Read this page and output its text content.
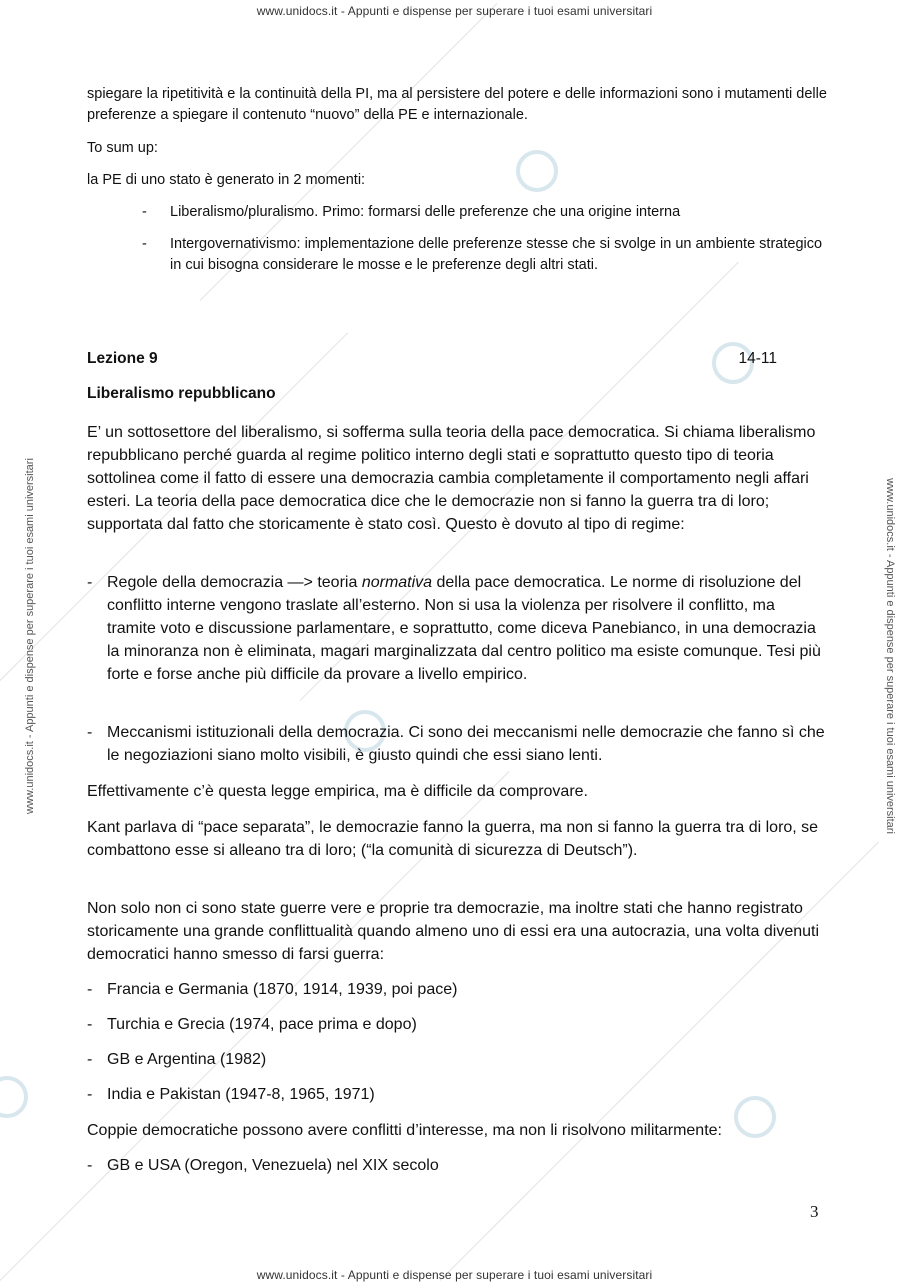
www.unidocs.it - Appunti e dispense per superare i tuoi esami universitari
www.unidocs.it - Appunti e dispense per superare i tuoi esami universitari
www.unidocs.it - Appunti e dispense per superare i tuoi esami universitari	www.unidocs.it - Appunti e dispense per superare i tuoi esami universitari

spiegare la ripetitività e la continuità della PI, ma al persistere del potere e delle informazioni sono i mutamenti delle preferenze a spiegare il contenuto “nuovo” della PE e internazionale.

To sum up:

la PE di uno stato è generato in 2 momenti:

-	Liberalismo/pluralismo. Primo: formarsi delle preferenze che una origine interna
-	Intergovernativismo: implementazione delle preferenze stesse che si svolge in un ambiente strategico in cui bisogna considerare le mosse e le preferenze degli altri stati.
Lezione 9	14-11
Liberalismo repubblicano
E’ un sottosettore del liberalismo, si sofferma sulla teoria della pace democratica. Si chiama liberalismo repubblicano perché guarda al regime politico interno degli stati e soprattutto questo tipo di teoria sottolinea come il fatto di essere una democrazia cambia completamente il comportamento negli affari esteri. La teoria della pace democratica dice che le democrazie non si fanno la guerra tra di loro; supportata dal fatto che storicamente è stato così. Questo è dovuto al tipo di regime:
- Regole della democrazia —> teoria normativa della pace democratica. Le norme di risoluzione del conflitto interne vengono traslate all’esterno. Non si usa la violenza per risolvere il conflitto, ma tramite voto e discussione parlamentare, e soprattutto, come diceva Panebianco, in una democrazia la minoranza non è eliminata, magari marginalizzata dal centro politico ma esiste comunque. Tesi più forte e forse anche più difficile da provare a livello empirico.
- Meccanismi istituzionali della democrazia. Ci sono dei meccanismi nelle democrazie che fanno sì che le negoziazioni siano molto visibili, è giusto quindi che essi siano lenti.
Effettivamente c’è questa legge empirica, ma è difficile da comprovare.
Kant parlava di “pace separata”, le democrazie fanno la guerra, ma non si fanno la guerra tra di loro, se combattono esse si alleano tra di loro; (“la comunità di sicurezza di Deutsch”).
Non solo non ci sono state guerre vere e proprie tra democrazie, ma inoltre stati che hanno registrato storicamente una grande conflittualità quando almeno uno di essi era una autocrazia, una volta divenuti democratici hanno smesso di farsi guerra:
- Francia e Germania (1870, 1914, 1939, poi pace)
- Turchia e Grecia (1974, pace prima e dopo)
- GB e Argentina (1982)
- India e Pakistan (1947-8, 1965, 1971)
Coppie democratiche possono avere conflitti d’interesse, ma non li risolvono militarmente:
- GB e USA (Oregon, Venezuela) nel XIX secolo
3
